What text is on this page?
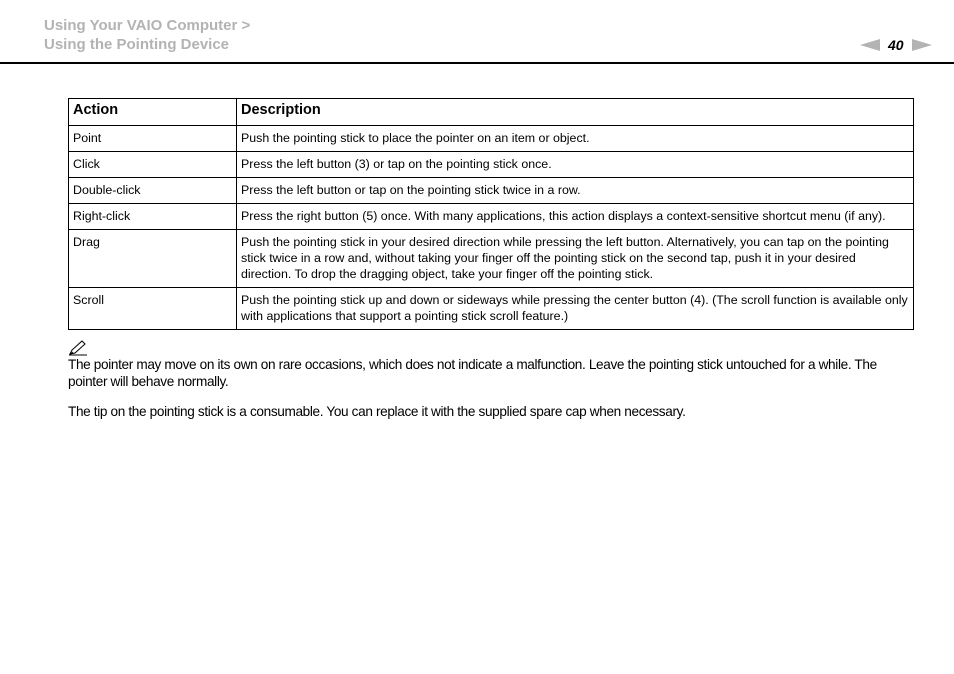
Using Your VAIO Computer >
Using the Pointing Device	40
Action	Description
Point	Push the pointing stick to place the pointer on an item or object.
Click	Press the left button (3) or tap on the pointing stick once.
Double-click	Press the left button or tap on the pointing stick twice in a row.
Right-click	Press the right button (5) once. With many applications, this action displays a context-sensitive shortcut menu (if any).
Drag	Push the pointing stick in your desired direction while pressing the left button. Alternatively, you can tap on the pointing stick twice in a row and, without taking your finger off the pointing stick on the second tap, push it in your desired direction. To drop the dragging object, take your finger off the pointing stick.
Scroll	Push the pointing stick up and down or sideways while pressing the center button (4). (The scroll function is available only with applications that support a pointing stick scroll feature.)
The pointer may move on its own on rare occasions, which does not indicate a malfunction. Leave the pointing stick untouched for a while. The pointer will behave normally.
The tip on the pointing stick is a consumable. You can replace it with the supplied spare cap when necessary.
